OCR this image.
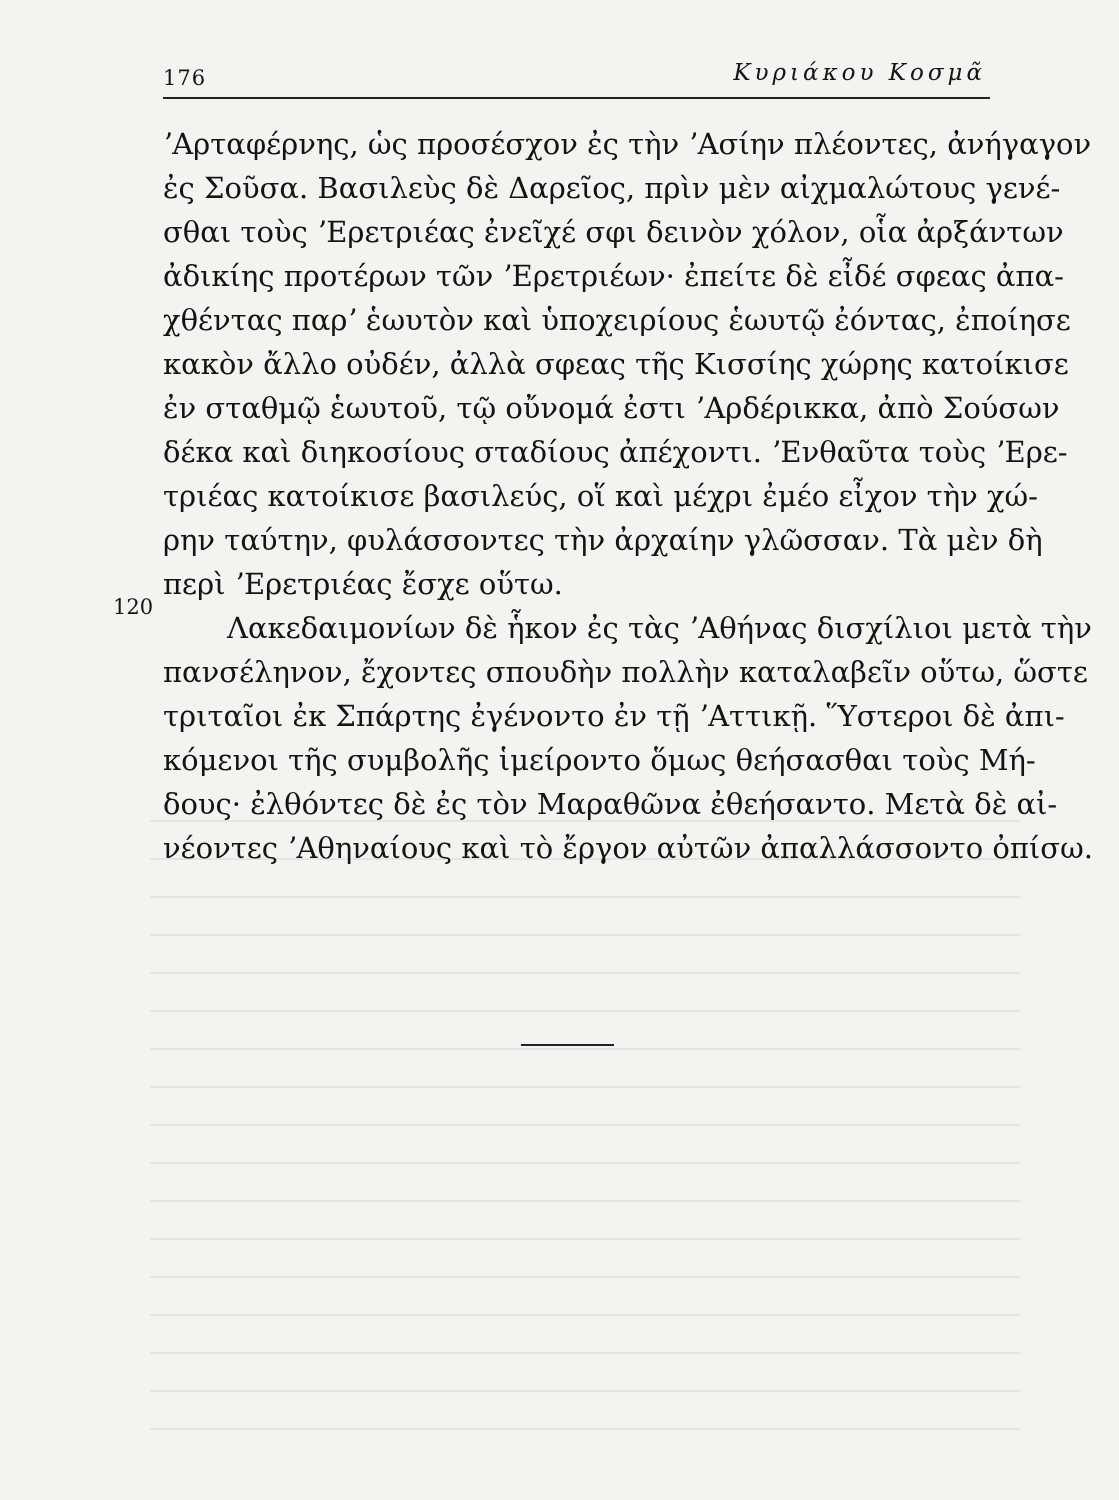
176	Κυριάκου Κοσμᾶ
120
ʼΑρταφέρνης, ὡς προσέσχον ἐς τὴν ʼΑσίην πλέοντες, ἀνήγαγον
ἐς Σοῦσα. Βασιλεὺς δὲ Δαρεῖος, πρὶν μὲν αἰχμαλώτους γενέ-
σθαι τοὺς ʼΕρετριέας ἐνεῖχέ σφι δεινὸν χόλον, οἷα ἀρξάντων
ἀδικίης προτέρων τῶν ʼΕρετριέων· ἐπείτε δὲ εἶδέ σφεας ἀπα-
χθέντας παρʼ ἑωυτὸν καὶ ὑποχειρίους ἑωυτῷ ἐόντας, ἐποίησε
κακὸν ἄλλο οὐδέν, ἀλλὰ σφεας τῆς Κισσίης χώρης κατοίκισε
ἐν σταθμῷ ἑωυτοῦ, τῷ οὔνομά ἐστι ʼΑρδέρικκα, ἀπὸ Σούσων
δέκα καὶ διηκοσίους σταδίους ἀπέχοντι. ʼΕνθαῦτα τοὺς ʼΕρε-
τριέας κατοίκισε βασιλεύς, οἵ καὶ μέχρι ἐμέο εἶχον τὴν χώ-
ρην ταύτην, φυλάσσοντες τὴν ἀρχαίην γλῶσσαν. Τὰ μὲν δὴ
περὶ ʼΕρετριέας ἔσχε οὕτω.
Λακεδαιμονίων δὲ ἧκον ἐς τὰς ʼΑθήνας δισχίλιοι μετὰ τὴν
πανσέληνον, ἔχοντες σπουδὴν πολλὴν καταλαβεῖν οὕτω, ὥστε
τριταῖοι ἐκ Σπάρτης ἐγένοντο ἐν τῇ ʼΑττικῇ. Ὕστεροι δὲ ἀπι-
κόμενοι τῆς συμβολῆς ἱμείροντο ὅμως θεήσασθαι τοὺς Μή-
δους· ἐλθόντες δὲ ἐς τὸν Μαραθῶνα ἐθεήσαντο. Μετὰ δὲ αἰ-
νέοντες ʼΑθηναίους καὶ τὸ ἔργον αὐτῶν ἀπαλλάσσοντο ὀπίσω.
